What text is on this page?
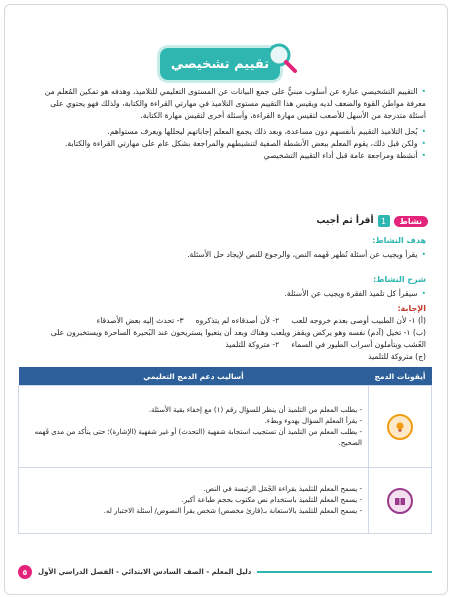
تقييم تشخيصي
• التقييم التشخيصي عبارة عن أسلوب مبنيٌّ على جمع البيانات عن المستوى التعليمي للتلاميذ، وهدفه هو تمكين المُعلم من
معرفة مواطن القوة والضعف لديه ويقيس هذا التقييم مستوى التلاميذ في مهارتي القراءة والكتابة، ولذلك فهو يحتوي على
أسئلة متدرجة من الأسهل للأصعب لتقيس مهارة القراءة، وأسئلة أخرى لتقيس مهارة الكتابة.
• يُحل التلاميذ التقييم بأنفسهم دون مساعدة، وبعد ذلك يجمع المعلم إجاباتهم ليحللها ويعرف مستواهم.
• ولكن قبل ذلك، يقوم المعلم ببعض الأنشطة الصفية لتنشيطهم والمراجعة بشكل عام على مهارتي القراءة والكتابة.
• أنشطة ومراجعة عامة قبل أداء التقييم التشخيصي
نشاط
1
أقرأ ثم أجيب
هدف النشاط:
• يقرأ ويجيب عن أسئلة تُظهر فَهمه النص، والرجوع للنص لإيجاد حل الأسئلة.
شرح النشاط:
• سيقرأ كل تلميذ الفقرة ويجيب عن الأسئلة.
الإجابة:
(أ) ١- لأن الطبيب أوصى بعدم خروجه للعب     ٢- لأن أصدقاءه لم يتذكروه     ٣- تحدث إليه بعض الأصدقاء
(ب) ١- تخيل (آدم) نفسه وهو يركض ويقفز ويلعب وهناك وبعد أن يتعبوا يستريحون عند البُحيرة الساحرة ويستخبرون على
العُشب ويتأملون أسراب الطيور في السماء     ٢- متروكة للتلميذ
(ج) متروكة للتلميذ
أيقونات الدمج	أساليب دعم الدمج التعليمي

- يطلب المعلم من التلميذ أن ينظر للسؤال رقم (١) مع إخفاء بقية الأسئلة.
- يقرأ المعلم السؤال بهدوء وبطء.
- يطلب المعلم من التلميذ أن تستجيب استجابة شفهية (التحدث) أو غير شفهية (الإشارة)؛ حتى يتأكد من مدى فَهمه الصحيح.

- يسمح المعلم للتلميذ بقراءة الجُمَل الرئيسة في النص.
- يسمح المعلم للتلميذ باستخدام نص مكتوب بحجم طباعة أكبر.
- يسمح المعلم للتلميذ بالاستعانة بـ(قارئ مخصص) شخص يقرأ النصوص/ أسئلة الاختبار له.
٥	دليل المعلم - الصف السادس الابتدائي - الفصل الدراسي الأول
